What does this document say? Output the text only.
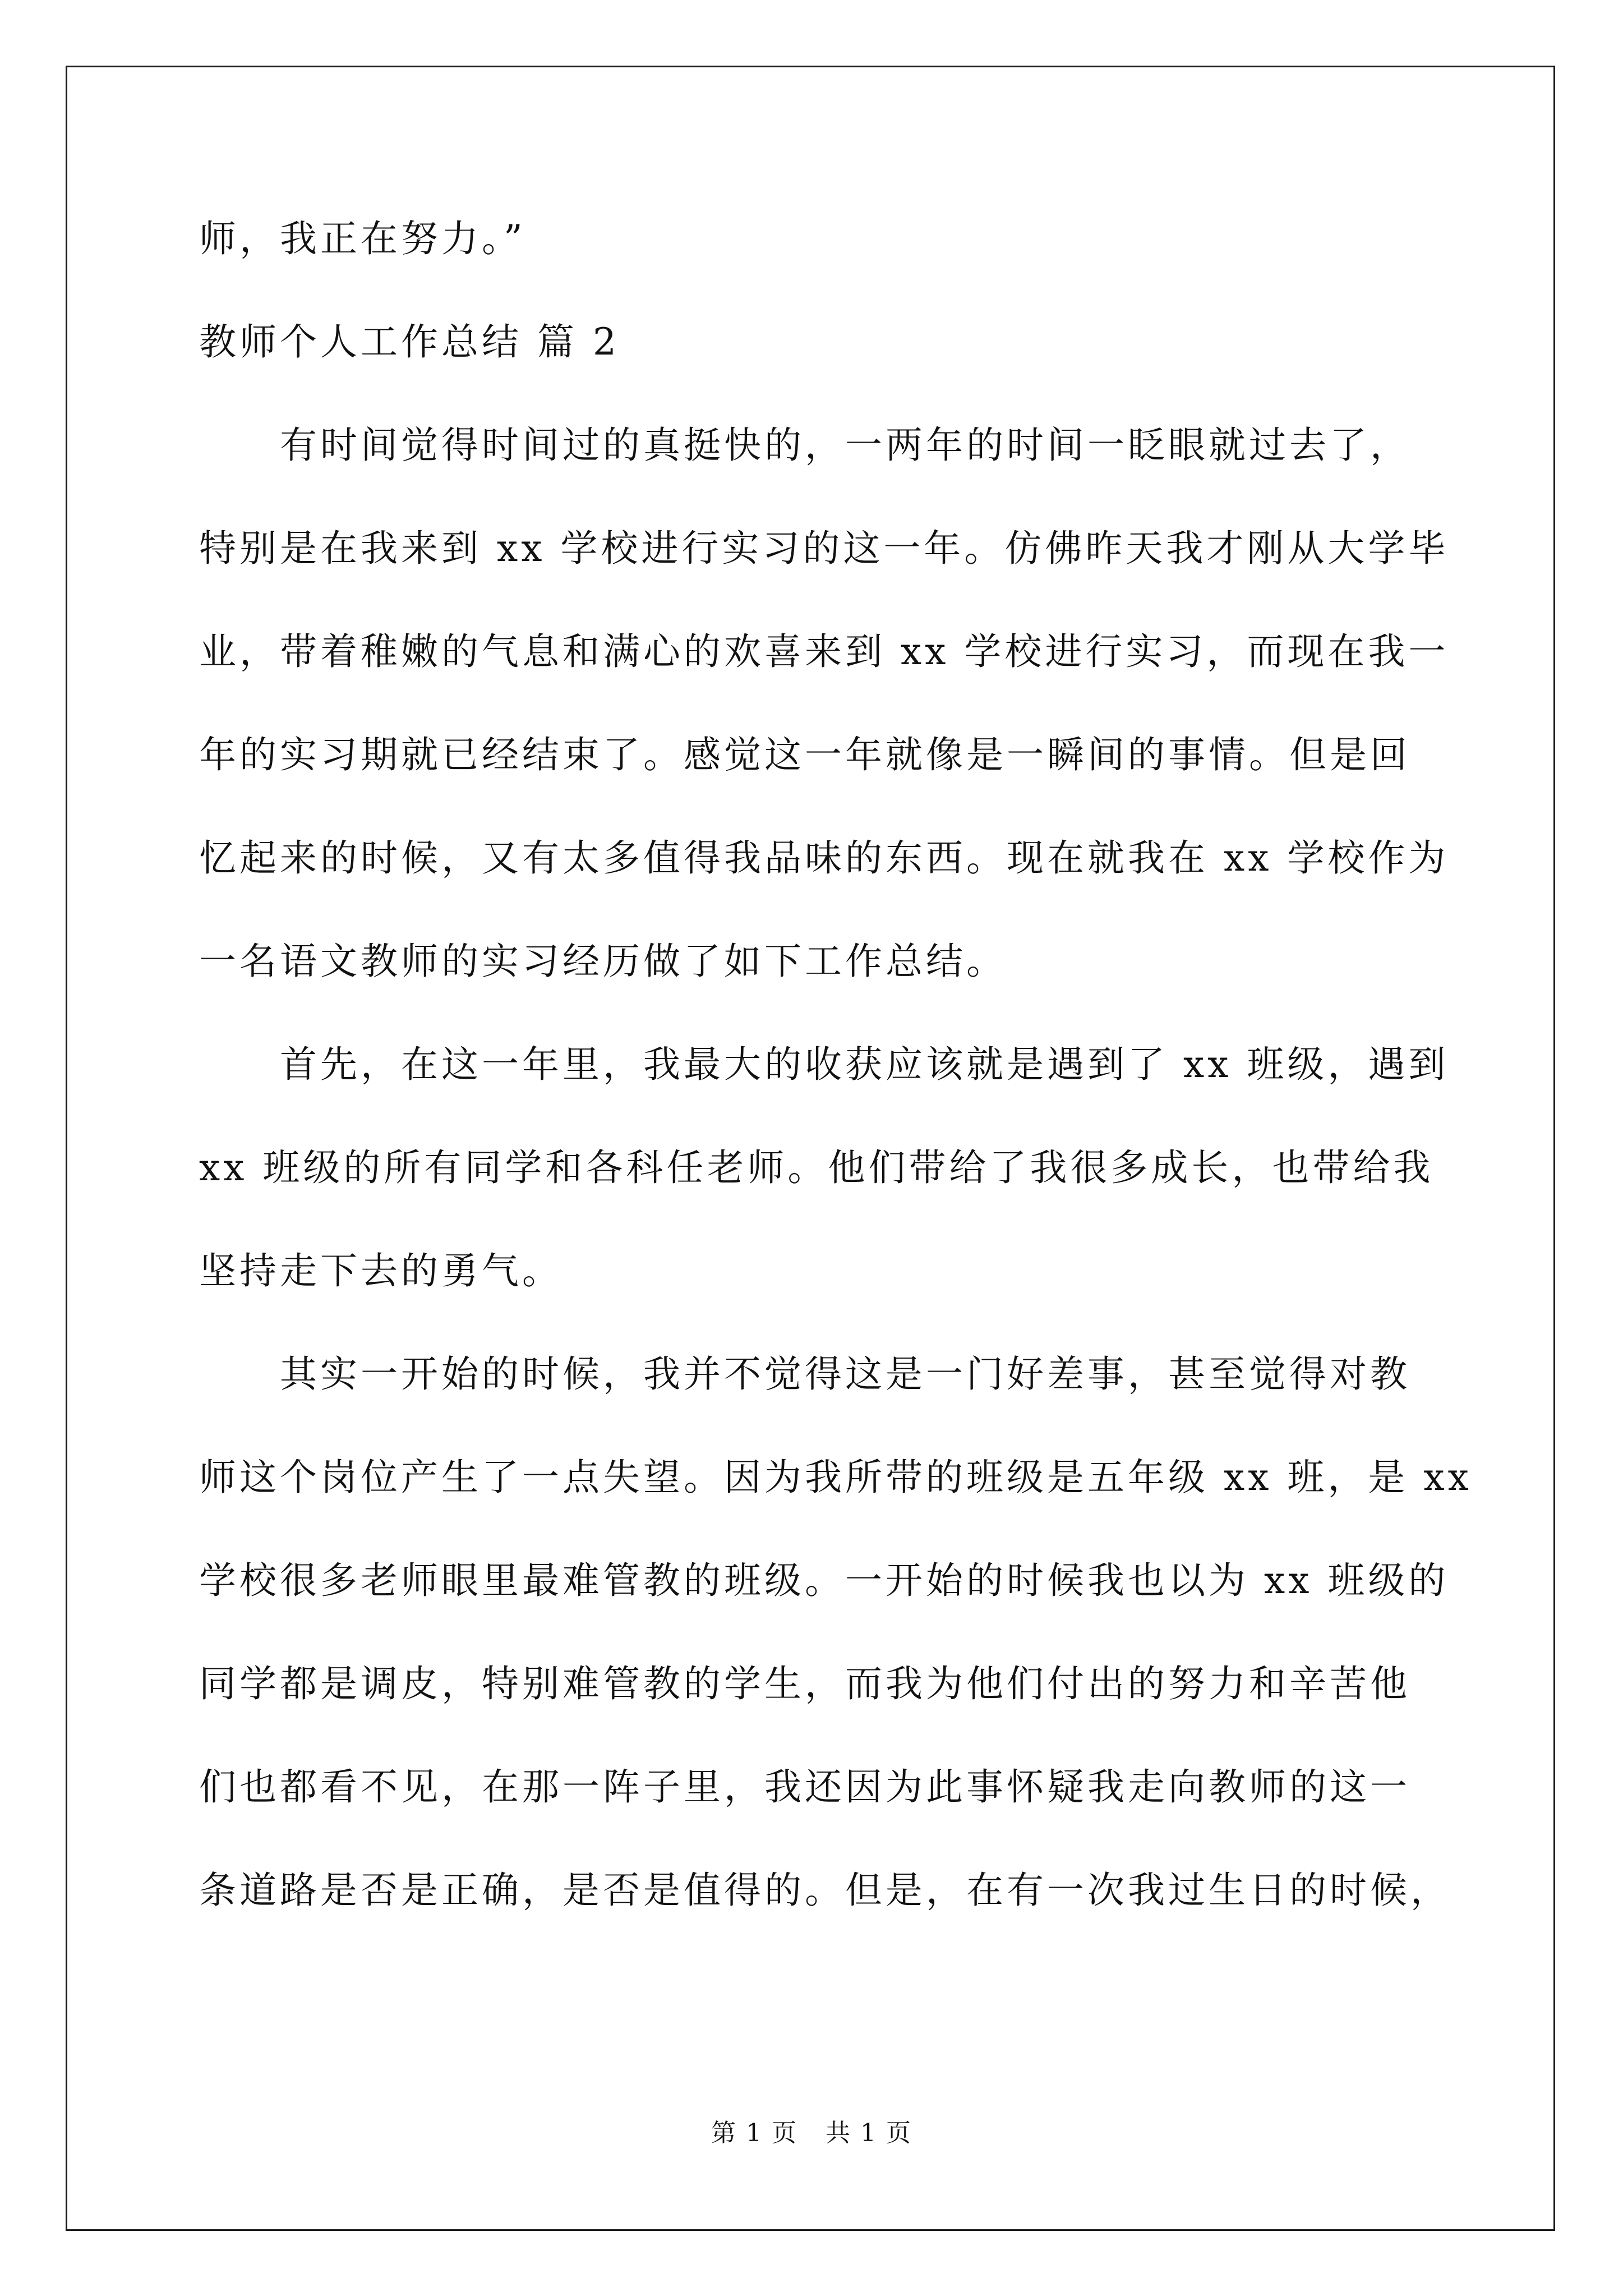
师，我正在努力。”
教师个人工作总结 篇 2
有时间觉得时间过的真挺快的，一两年的时间一眨眼就过去了，
特别是在我来到 xx 学校进行实习的这一年。仿佛昨天我才刚从大学毕
业，带着稚嫩的气息和满心的欢喜来到 xx 学校进行实习，而现在我一
年的实习期就已经结束了。感觉这一年就像是一瞬间的事情。但是回
忆起来的时候，又有太多值得我品味的东西。现在就我在 xx 学校作为
一名语文教师的实习经历做了如下工作总结。
首先，在这一年里，我最大的收获应该就是遇到了 xx 班级，遇到
xx 班级的所有同学和各科任老师。他们带给了我很多成长，也带给我
坚持走下去的勇气。
其实一开始的时候，我并不觉得这是一门好差事，甚至觉得对教
师这个岗位产生了一点失望。因为我所带的班级是五年级 xx 班，是 xx
学校很多老师眼里最难管教的班级。一开始的时候我也以为 xx 班级的
同学都是调皮，特别难管教的学生，而我为他们付出的努力和辛苦他
们也都看不见，在那一阵子里，我还因为此事怀疑我走向教师的这一
条道路是否是正确，是否是值得的。但是，在有一次我过生日的时候，
第 1 页 共 1 页
